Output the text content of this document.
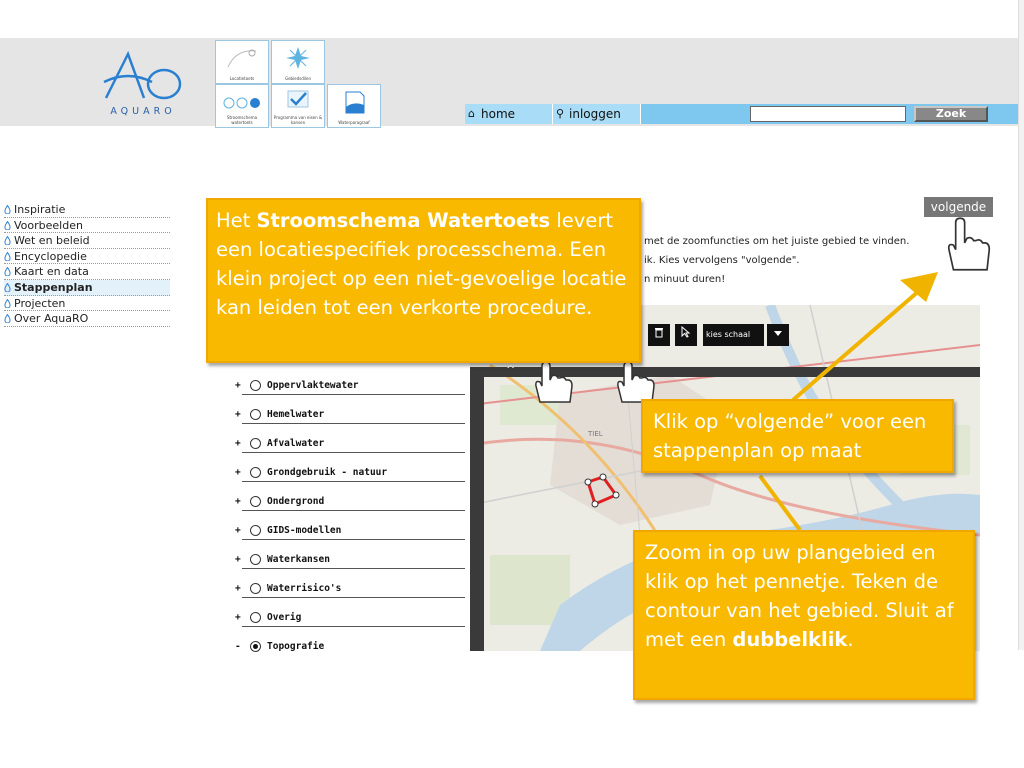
AQUARO
Locatietoets	Gebiedsdilen
Stroomschema watertoets
Programma van eisen & kansen	Waterparagraaf
⌂ home	⚲ inloggen	Zoek
Inspiratie
Voorbeelden
Wet en beleid
Encyclopedie
Kaart en data
Stappenplan
Projecten
Over AquaRO
volgende
met de zoomfuncties om het juiste gebied te vinden.
ik. Kies vervolgens "volgende".
n minuut duren!
TIEL
^
kies schaal
+	Oppervlaktewater
+	Hemelwater
+	Afvalwater
+	Grondgebruik - natuur
+	Ondergrond
+	GIDS-modellen
+	Waterkansen
+	Waterrisico's
+	Overig
-	Topografie
Het Stroomschema Watertoets levert een locatiespecifiek processchema. Een klein project op een niet-gevoelige locatie kan leiden tot een verkorte procedure.
Klik op “volgende” voor een stappenplan op maat
Zoom in op uw plangebied en klik op het pennetje. Teken de contour van het gebied. Sluit af met een dubbelklik.
